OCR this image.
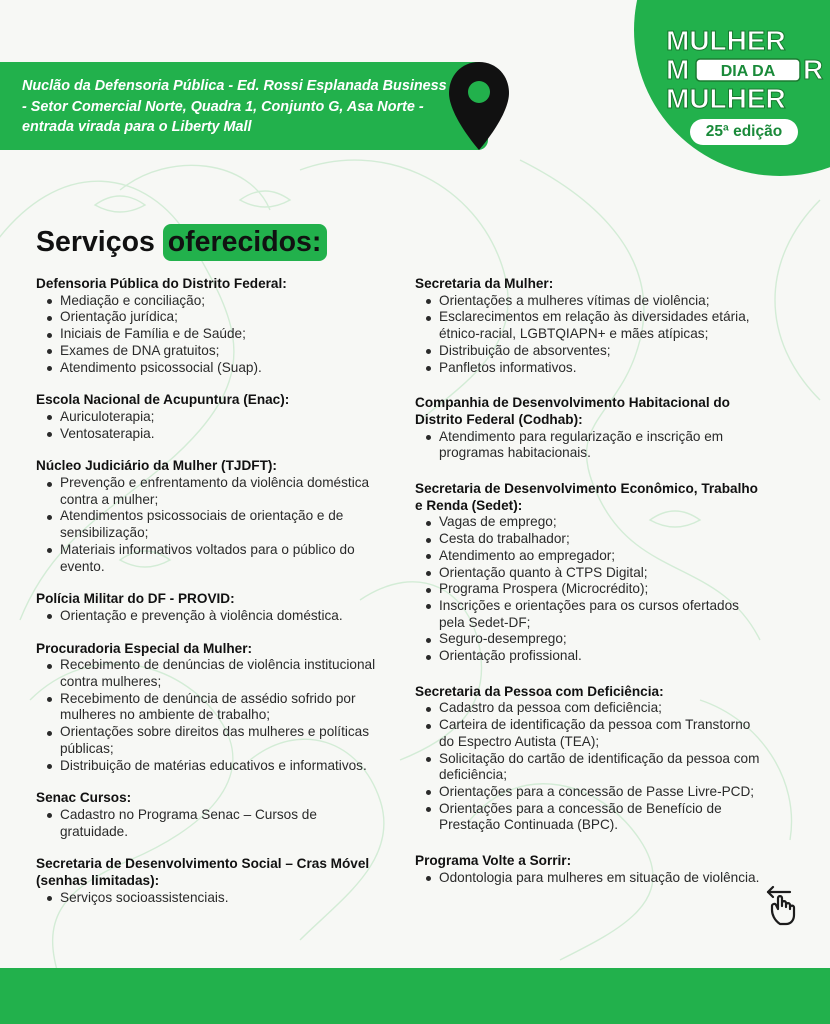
Nuclão da Defensoria Pública - Ed. Rossi Esplanada Business - Setor Comercial Norte, Quadra 1, Conjunto G, Asa Norte - entrada virada para o Liberty Mall
MULHER
M	R
MULHER
DIA DA
25ª edição
Serviços oferecidos:
Defensoria Pública do Distrito Federal:
Mediação e conciliação;
Orientação jurídica;
Iniciais de Família e de Saúde;
Exames de DNA gratuitos;
Atendimento psicossocial (Suap).
Escola Nacional de Acupuntura (Enac):
Auriculoterapia;
Ventosaterapia.
Núcleo Judiciário da Mulher (TJDFT):
Prevenção e enfrentamento da violência doméstica contra a mulher;
Atendimentos psicossociais de orientação e de sensibilização;
Materiais informativos voltados para o público do evento.
Polícia Militar do DF - PROVID:
Orientação e prevenção à violência doméstica.
Procuradoria Especial da Mulher:
Recebimento de denúncias de violência institucional contra mulheres;
Recebimento de denúncia de assédio sofrido por mulheres no ambiente de trabalho;
Orientações sobre direitos das mulheres e políticas públicas;
Distribuição de matérias educativos e informativos.
Senac Cursos:
Cadastro no Programa Senac – Cursos de gratuidade.
Secretaria de Desenvolvimento Social – Cras Móvel (senhas limitadas):
Serviços socioassistenciais.
Secretaria da Mulher:
Orientações a mulheres vítimas de violência;
Esclarecimentos em relação às diversidades etária, étnico-racial, LGBTQIAPN+ e mães atípicas;
Distribuição de absorventes;
Panfletos informativos.
Companhia de Desenvolvimento Habitacional do Distrito Federal (Codhab):
Atendimento para regularização e inscrição em programas habitacionais.
Secretaria de Desenvolvimento Econômico, Trabalho e Renda (Sedet):
Vagas de emprego;
Cesta do trabalhador;
Atendimento ao empregador;
Orientação quanto à CTPS Digital;
Programa Prospera (Microcrédito);
Inscrições e orientações para os cursos ofertados pela Sedet-DF;
Seguro-desemprego;
Orientação profissional.
Secretaria da Pessoa com Deficiência:
Cadastro da pessoa com deficiência;
Carteira de identificação da pessoa com Transtorno do Espectro Autista (TEA);
Solicitação do cartão de identificação da pessoa com deficiência;
Orientações para a concessão de Passe Livre-PCD;
Orientações para a concessão de Benefício de Prestação Continuada (BPC).
Programa Volte a Sorrir:
Odontologia para mulheres em situação de violência.
